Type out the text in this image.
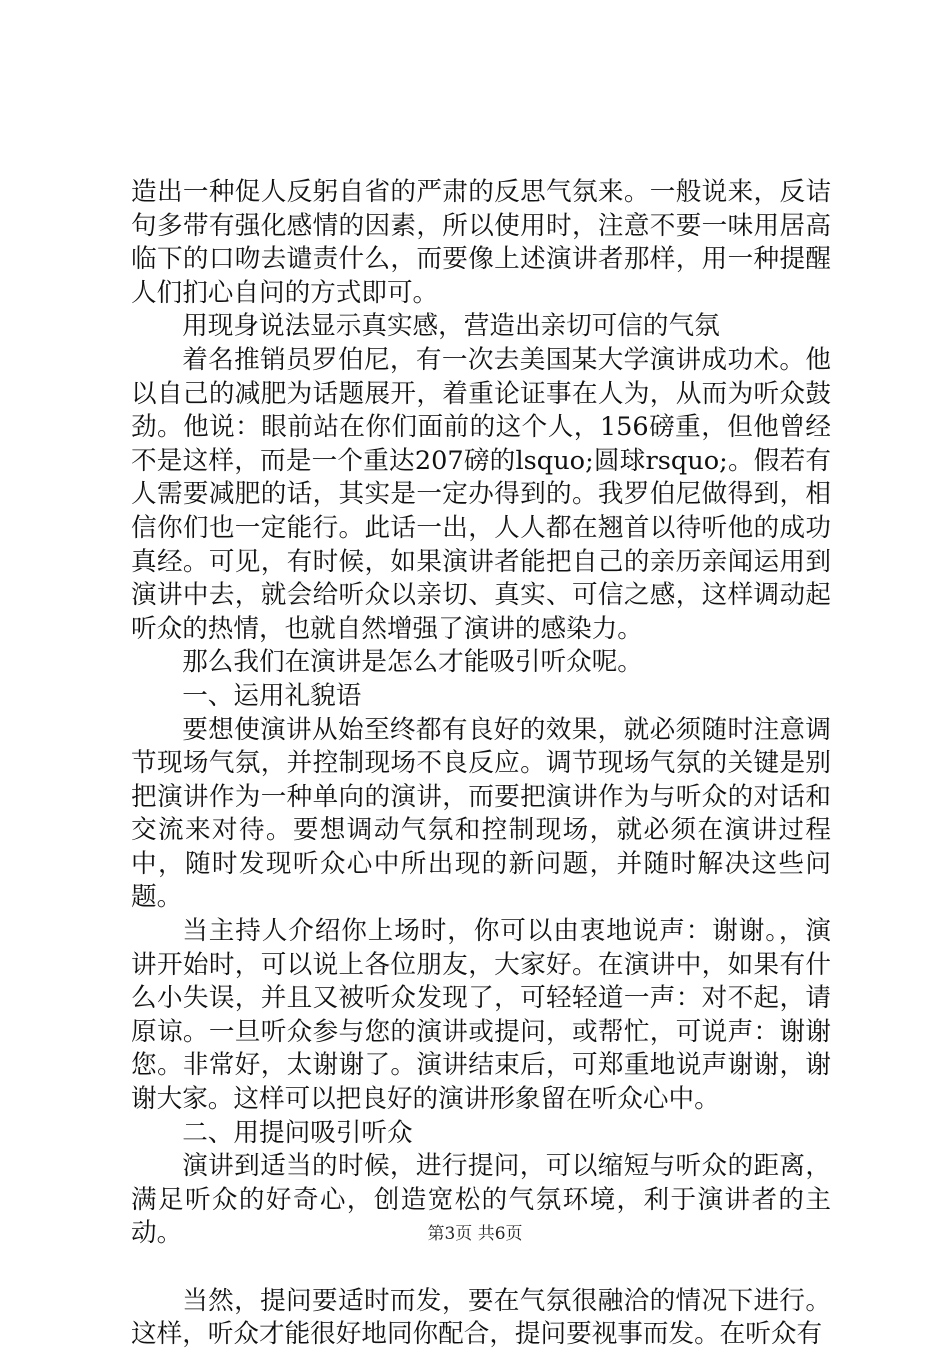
造出一种促人反躬自省的严肃的反思气氛来。一般说来，反诘句多带有强化感情的因素，所以使用时，注意不要一味用居高临下的口吻去谴责什么，而要像上述演讲者那样，用一种提醒人们扪心自问的方式即可。

用现身说法显示真实感，营造出亲切可信的气氛

着名推销员罗伯尼，有一次去美国某大学演讲成功术。他以自己的减肥为话题展开，着重论证事在人为，从而为听众鼓劲。他说：眼前站在你们面前的这个人，156磅重，但他曾经不是这样，而是一个重达207磅的lsquo;圆球rsquo;。假若有人需要减肥的话，其实是一定办得到的。我罗伯尼做得到，相信你们也一定能行。此话一出，人人都在翘首以待听他的成功真经。可见，有时候，如果演讲者能把自己的亲历亲闻运用到演讲中去，就会给听众以亲切、真实、可信之感，这样调动起听众的热情，也就自然增强了演讲的感染力。

那么我们在演讲是怎么才能吸引听众呢。

一、运用礼貌语

要想使演讲从始至终都有良好的效果，就必须随时注意调节现场气氛，并控制现场不良反应。调节现场气氛的关键是别把演讲作为一种单向的演讲，而要把演讲作为与听众的对话和交流来对待。要想调动气氛和控制现场，就必须在演讲过程中，随时发现听众心中所出现的新问题，并随时解决这些问题。

当主持人介绍你上场时，你可以由衷地说声：谢谢。，演讲开始时，可以说上各位朋友，大家好。在演讲中，如果有什么小失误，并且又被听众发现了，可轻轻道一声：对不起，请原谅。一旦听众参与您的演讲或提问，或帮忙，可说声：谢谢您。非常好，太谢谢了。演讲结束后，可郑重地说声谢谢，谢谢大家。这样可以把良好的演讲形象留在听众心中。

二、用提问吸引听众

演讲到适当的时候，进行提问，可以缩短与听众的距离，满足听众的好奇心，创造宽松的气氛环境，利于演讲者的主动。

当然，提问要适时而发，要在气氛很融洽的情况下进行。这样，听众才能很好地同你配合，提问要视事而发。在听众有

第3页 共6页
